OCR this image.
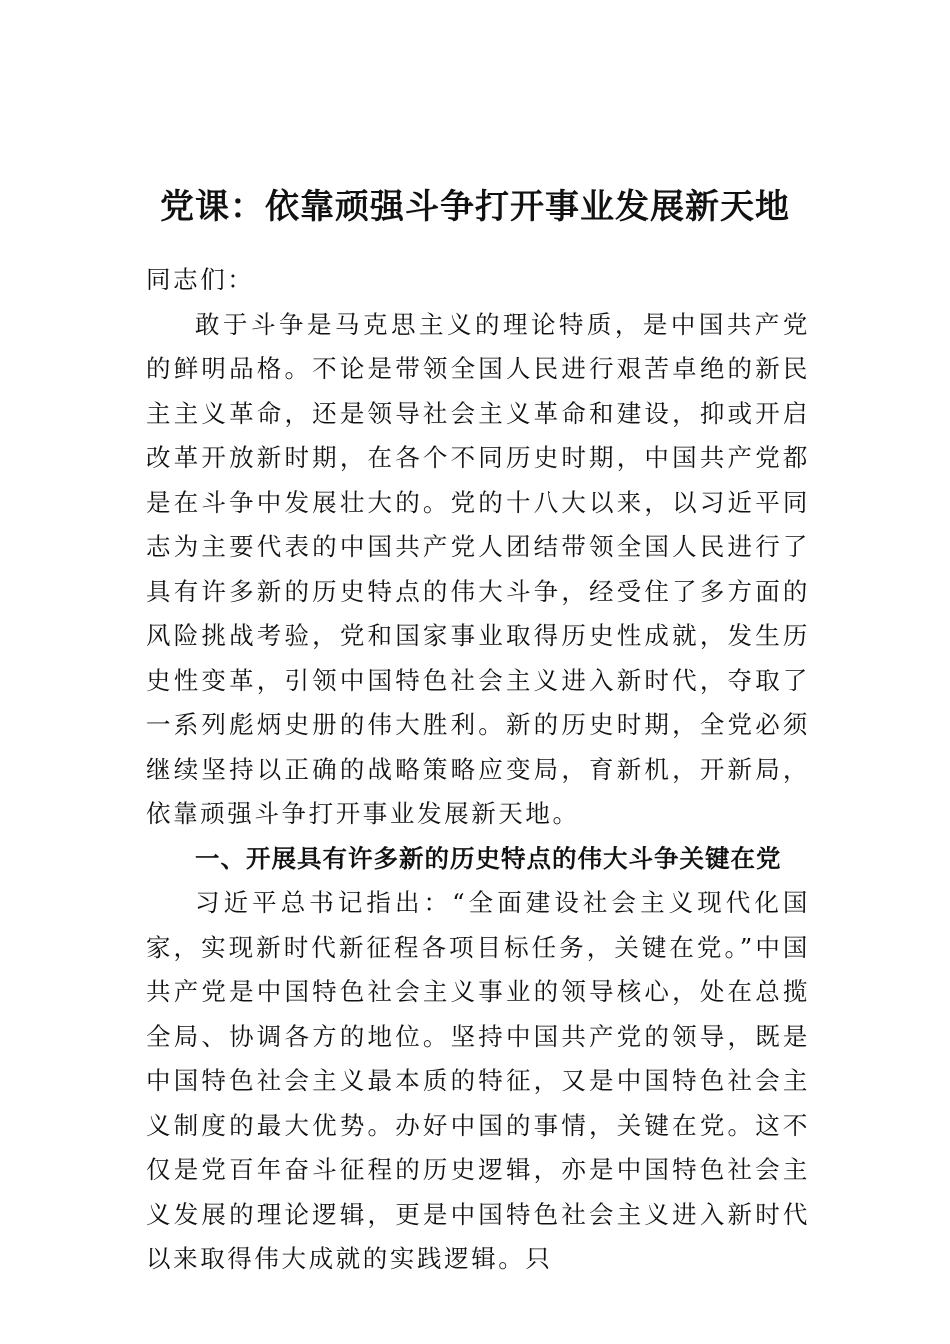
党课：依靠顽强斗争打开事业发展新天地

同志们：

敢于斗争是马克思主义的理论特质，是中国共产党的鲜明品格。不论是带领全国人民进行艰苦卓绝的新民主主义革命，还是领导社会主义革命和建设，抑或开启改革开放新时期，在各个不同历史时期，中国共产党都是在斗争中发展壮大的。党的十八大以来，以习近平同志为主要代表的中国共产党人团结带领全国人民进行了具有许多新的历史特点的伟大斗争，经受住了多方面的风险挑战考验，党和国家事业取得历史性成就，发生历史性变革，引领中国特色社会主义进入新时代，夺取了一系列彪炳史册的伟大胜利。新的历史时期，全党必须继续坚持以正确的战略策略应变局，育新机，开新局，依靠顽强斗争打开事业发展新天地。

一、开展具有许多新的历史特点的伟大斗争关键在党

习近平总书记指出：“全面建设社会主义现代化国家，实现新时代新征程各项目标任务，关键在党。”中国共产党是中国特色社会主义事业的领导核心，处在总揽全局、协调各方的地位。坚持中国共产党的领导，既是中国特色社会主义最本质的特征，又是中国特色社会主义制度的最大优势。办好中国的事情，关键在党。这不仅是党百年奋斗征程的历史逻辑，亦是中国特色社会主义发展的理论逻辑，更是中国特色社会主义进入新时代以来取得伟大成就的实践逻辑。只
